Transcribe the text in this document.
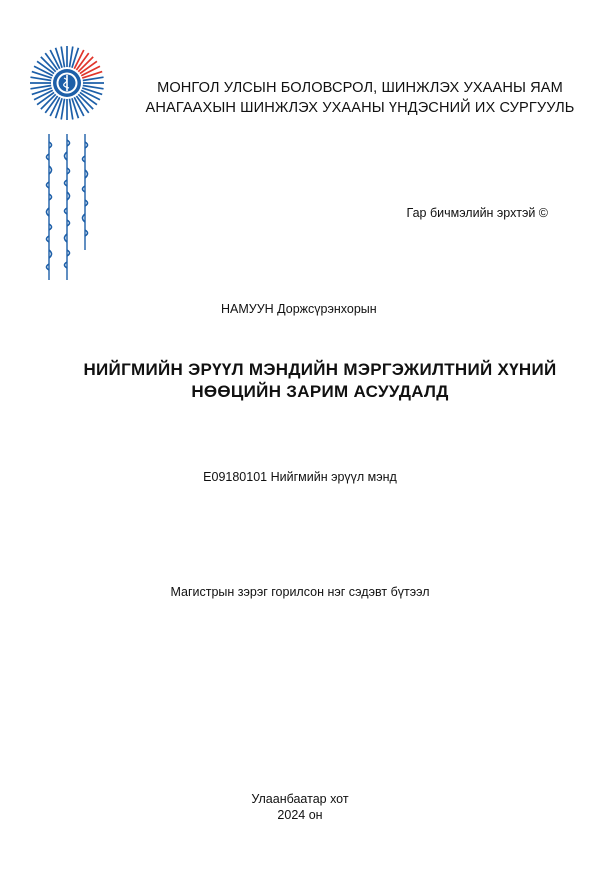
МОНГОЛ УЛСЫН БОЛОВСРОЛ, ШИНЖЛЭХ УХААНЫ ЯАМ
АНАГААХЫН ШИНЖЛЭХ УХААНЫ ҮНДЭСНИЙ ИХ СУРГУУЛЬ
Гар бичмэлийн эрхтэй ©
НАМУУН Доржсүрэнхорын
НИЙГМИЙН ЭРҮҮЛ МЭНДИЙН МЭРГЭЖИЛТНИЙ ХҮНИЙ
НӨӨЦИЙН ЗАРИМ АСУУДАЛД
E09180101 Нийгмийн эрүүл мэнд
Магистрын зэрэг горилсон нэг сэдэвт бүтээл
Улаанбаатар хот
2024 он
